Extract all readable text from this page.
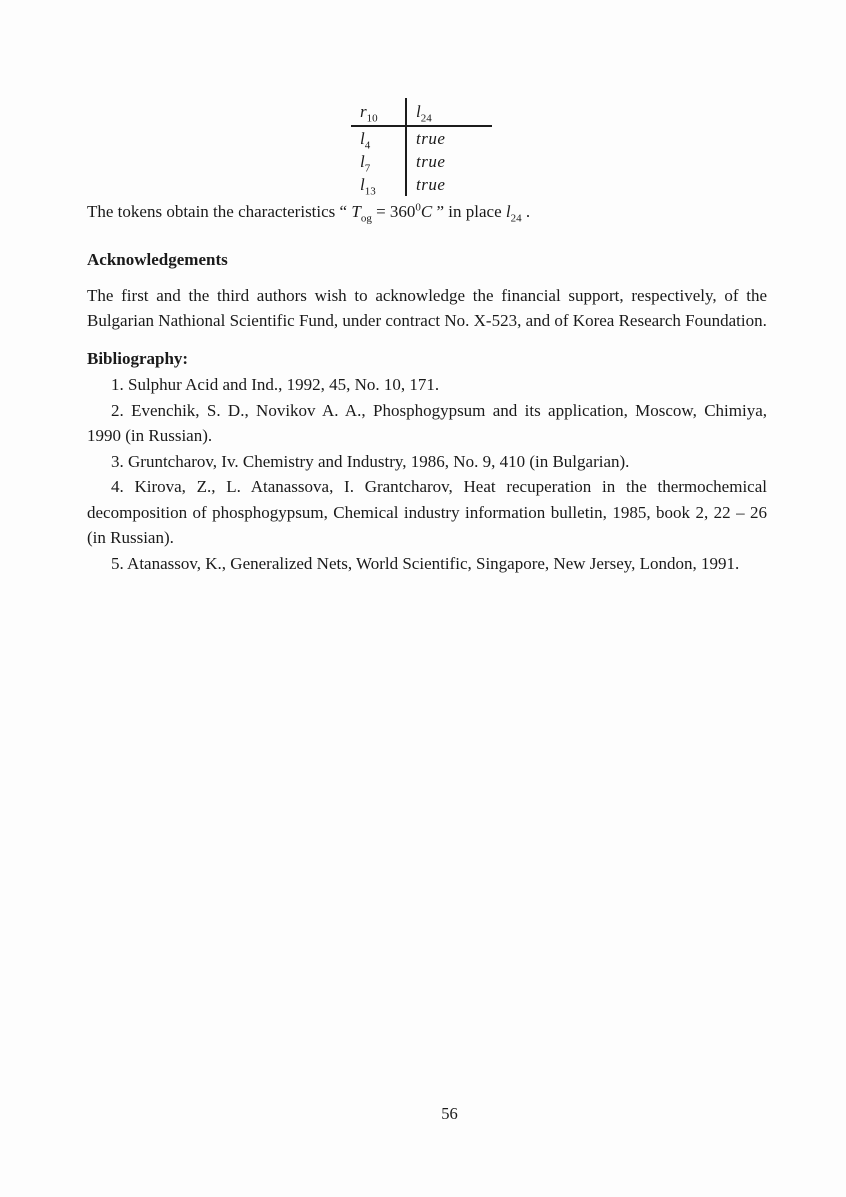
$r_{10}$	$l_{24}$
$l_4$	true
$l_7$	true
$l_{13}$	true

The tokens obtain the characteristics “ $T_{og} = 360^0C$ ” in place $l_{24}$ .

Acknowledgements

The first and the third authors wish to acknowledge the financial support, respectively, of the Bulgarian Nathional Scientific Fund, under contract No. X-523, and of Korea Research Foundation.

Bibliography:

1. Sulphur Acid and Ind., 1992, 45, No. 10, 171.

2. Evenchik, S. D., Novikov A. A., Phosphogypsum and its application, Moscow, Chimiya, 1990 (in Russian).

3. Gruntcharov, Iv. Chemistry and Industry, 1986, No. 9, 410 (in Bulgarian).

4. Kirova, Z., L. Atanassova, I. Grantcharov, Heat recuperation in the thermochemical decomposition of phosphogypsum, Chemical industry information bulletin, 1985, book 2, 22 – 26 (in Russian).

5. Atanassov, K., Generalized Nets, World Scientific, Singapore, New Jersey, London, 1991.

56
